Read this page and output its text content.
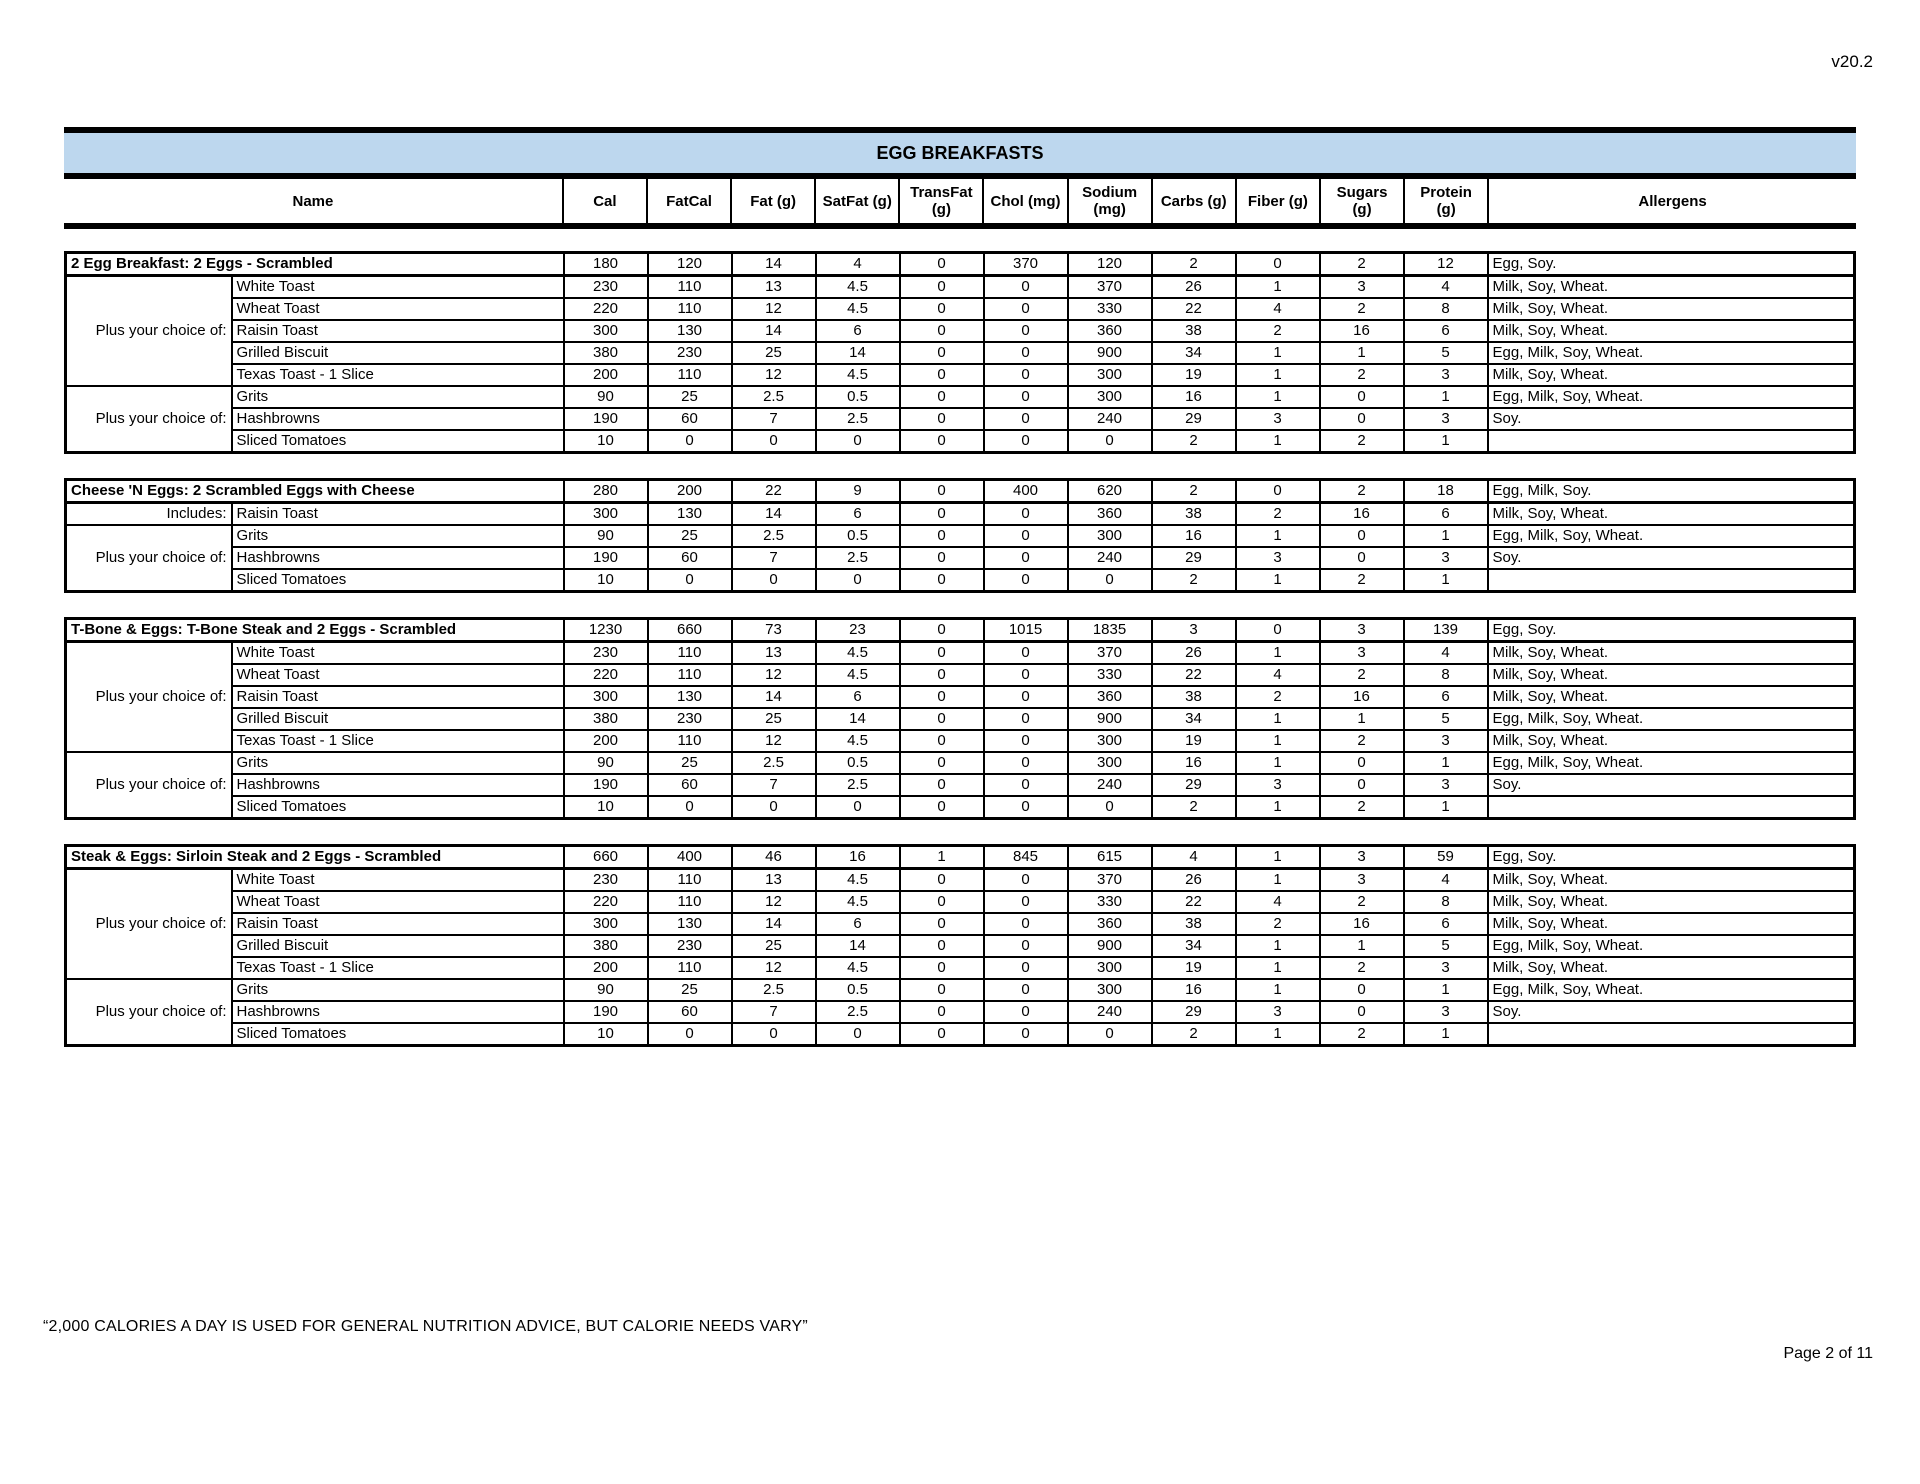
v20.2
EGG BREAKFASTS
Name	Cal	FatCal	Fat (g)	SatFat (g)	TransFat (g)	Chol (mg)	Sodium (mg)	Carbs (g)	Fiber (g)	Sugars (g)	Protein (g)	Allergens
2 Egg Breakfast: 2 Eggs - Scrambled		180	120	14	4	0	370	120	2	0	2	12	Egg, Soy.
Plus your choice of:	White Toast	230	110	13	4.5	0	0	370	26	1	3	4	Milk, Soy, Wheat.
	Wheat Toast	220	110	12	4.5	0	0	330	22	4	2	8	Milk, Soy, Wheat.
	Raisin Toast	300	130	14	6	0	0	360	38	2	16	6	Milk, Soy, Wheat.
	Grilled Biscuit	380	230	25	14	0	0	900	34	1	1	5	Egg, Milk, Soy, Wheat.
	Texas Toast - 1 Slice	200	110	12	4.5	0	0	300	19	1	2	3	Milk, Soy, Wheat.
Plus your choice of:	Grits	90	25	2.5	0.5	0	0	300	16	1	0	1	Egg, Milk, Soy, Wheat.
	Hashbrowns	190	60	7	2.5	0	0	240	29	3	0	3	Soy.
	Sliced Tomatoes	10	0	0	0	0	0	0	2	1	2	1	
Cheese 'N Eggs: 2 Scrambled Eggs with Cheese		280	200	22	9	0	400	620	2	0	2	18	Egg, Milk, Soy.
Includes:	Raisin Toast	300	130	14	6	0	0	360	38	2	16	6	Milk, Soy, Wheat.
Plus your choice of:	Grits	90	25	2.5	0.5	0	0	300	16	1	0	1	Egg, Milk, Soy, Wheat.
	Hashbrowns	190	60	7	2.5	0	0	240	29	3	0	3	Soy.
	Sliced Tomatoes	10	0	0	0	0	0	0	2	1	2	1	
T-Bone & Eggs: T-Bone Steak and 2 Eggs - Scrambled		1230	660	73	23	0	1015	1835	3	0	3	139	Egg, Soy.
Plus your choice of:	White Toast	230	110	13	4.5	0	0	370	26	1	3	4	Milk, Soy, Wheat.
	Wheat Toast	220	110	12	4.5	0	0	330	22	4	2	8	Milk, Soy, Wheat.
	Raisin Toast	300	130	14	6	0	0	360	38	2	16	6	Milk, Soy, Wheat.
	Grilled Biscuit	380	230	25	14	0	0	900	34	1	1	5	Egg, Milk, Soy, Wheat.
	Texas Toast - 1 Slice	200	110	12	4.5	0	0	300	19	1	2	3	Milk, Soy, Wheat.
Plus your choice of:	Grits	90	25	2.5	0.5	0	0	300	16	1	0	1	Egg, Milk, Soy, Wheat.
	Hashbrowns	190	60	7	2.5	0	0	240	29	3	0	3	Soy.
	Sliced Tomatoes	10	0	0	0	0	0	0	2	1	2	1	
Steak & Eggs: Sirloin Steak and 2 Eggs - Scrambled		660	400	46	16	1	845	615	4	1	3	59	Egg, Soy.
Plus your choice of:	White Toast	230	110	13	4.5	0	0	370	26	1	3	4	Milk, Soy, Wheat.
	Wheat Toast	220	110	12	4.5	0	0	330	22	4	2	8	Milk, Soy, Wheat.
	Raisin Toast	300	130	14	6	0	0	360	38	2	16	6	Milk, Soy, Wheat.
	Grilled Biscuit	380	230	25	14	0	0	900	34	1	1	5	Egg, Milk, Soy, Wheat.
	Texas Toast - 1 Slice	200	110	12	4.5	0	0	300	19	1	2	3	Milk, Soy, Wheat.
Plus your choice of:	Grits	90	25	2.5	0.5	0	0	300	16	1	0	1	Egg, Milk, Soy, Wheat.
	Hashbrowns	190	60	7	2.5	0	0	240	29	3	0	3	Soy.
	Sliced Tomatoes	10	0	0	0	0	0	0	2	1	2	1	
“2,000 CALORIES A DAY IS USED FOR GENERAL NUTRITION ADVICE, BUT CALORIE NEEDS VARY”
Page 2 of 11
